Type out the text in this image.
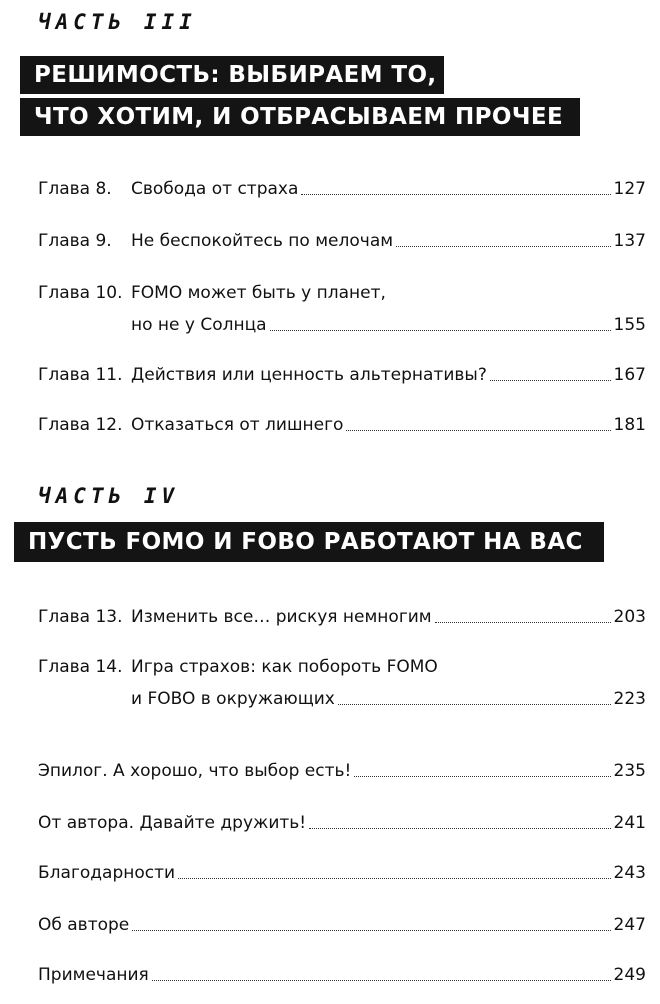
ЧАСТЬ III
РЕШИМОСТЬ: ВЫБИРАЕМ ТО,
ЧТО ХОТИМ, И ОТБРАСЫВАЕМ ПРОЧЕЕ
Глава 8.	Свобода от страха	127
Глава 9.	Не беспокойтесь по мелочам	137
Глава 10. FOMO может быть у планет,
но не у Солнца	155
Глава 11. Действия или ценность альтернативы?	167
Глава 12. Отказаться от лишнего	181
ЧАСТЬ IV
ПУСТЬ FOMO И FOBO РАБОТАЮТ НА ВАС
Глава 13. Изменить все… рискуя немногим	203
Глава 14. Игра страхов: как побороть FOMO
и FOBO в окружающих	223
Эпилог. А хорошо, что выбор есть!	235
От автора. Давайте дружить!	241
Благодарности	243
Об авторе	247
Примечания	249
